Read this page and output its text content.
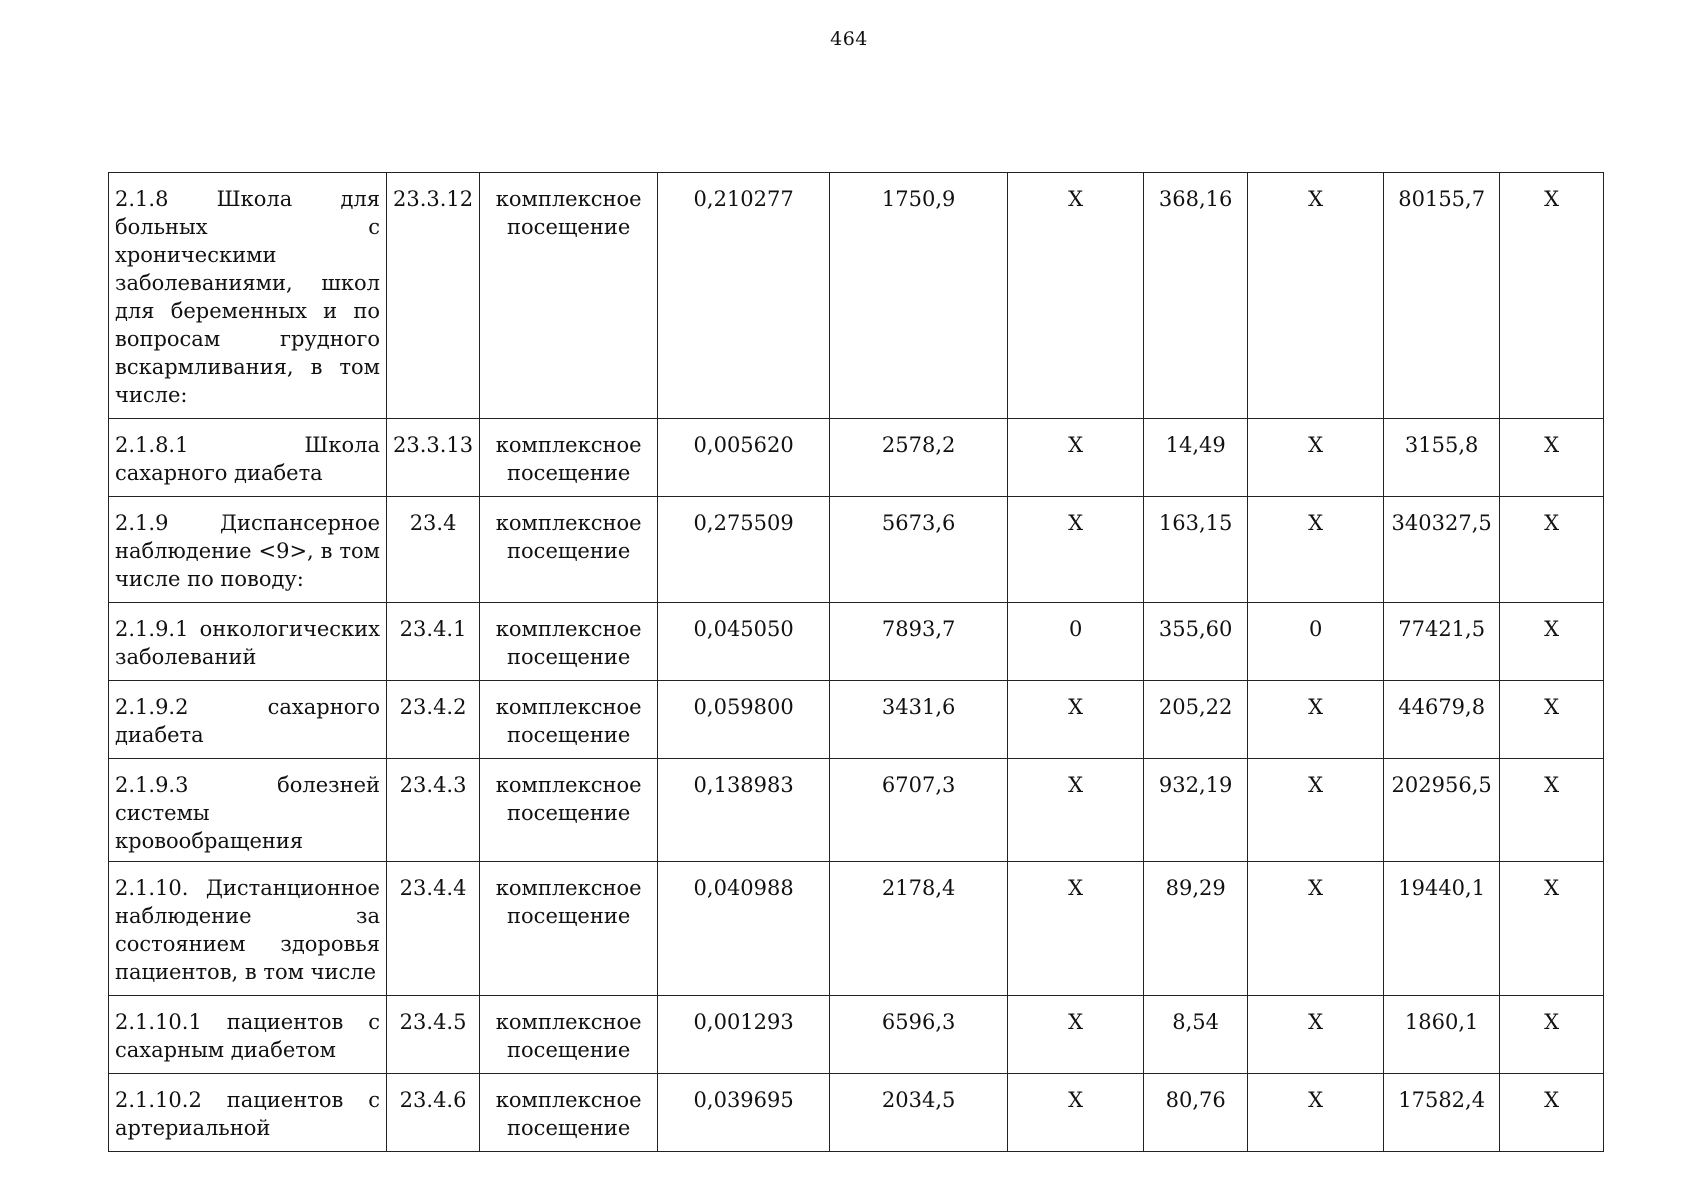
464
2.1.8 Школа для больных с хроническими заболеваниями, школ для беременных и по вопросам грудного вскармливания, в том числе:	23.3.12	комплексное посещение	0,210277	1750,9	Х	368,16	Х	80155,7	Х
2.1.8.1 Школа сахарного диабета	23.3.13	комплексное посещение	0,005620	2578,2	Х	14,49	Х	3155,8	Х
2.1.9 Диспансерное наблюдение <9>, в том числе по поводу:	23.4	комплексное посещение	0,275509	5673,6	Х	163,15	Х	340327,5	Х
2.1.9.1 онкологических заболеваний	23.4.1	комплексное посещение	0,045050	7893,7	0	355,60	0	77421,5	Х
2.1.9.2 сахарного диабета	23.4.2	комплексное посещение	0,059800	3431,6	Х	205,22	Х	44679,8	Х
2.1.9.3 болезней системы кровообращения	23.4.3	комплексное посещение	0,138983	6707,3	Х	932,19	Х	202956,5	Х
2.1.10. Дистанционное наблюдение за состоянием здоровья пациентов, в том числе	23.4.4	комплексное посещение	0,040988	2178,4	Х	89,29	Х	19440,1	Х
2.1.10.1 пациентов с сахарным диабетом	23.4.5	комплексное посещение	0,001293	6596,3	Х	8,54	Х	1860,1	Х
2.1.10.2 пациентов с артериальной	23.4.6	комплексное посещение	0,039695	2034,5	Х	80,76	Х	17582,4	Х
